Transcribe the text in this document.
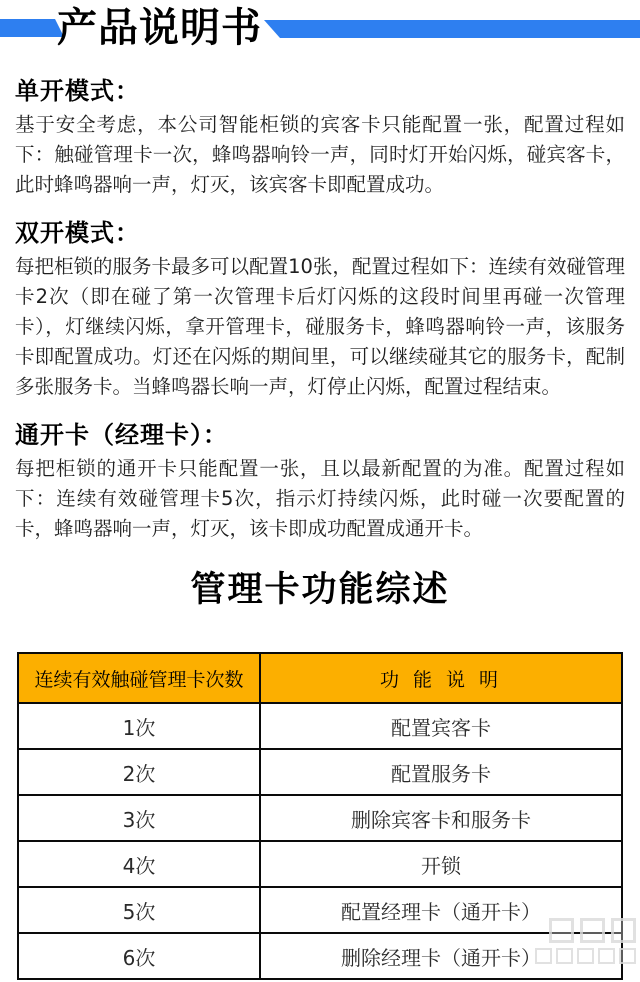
产品说明书
单开模式：

基于安全考虑，本公司智能柜锁的宾客卡只能配置一张，配置过程如下：触碰管理卡一次，蜂鸣器响铃一声，同时灯开始闪烁，碰宾客卡，此时蜂鸣器响一声，灯灭，该宾客卡即配置成功。

双开模式：

每把柜锁的服务卡最多可以配置10张，配置过程如下：连续有效碰管理卡2次（即在碰了第一次管理卡后灯闪烁的这段时间里再碰一次管理卡），灯继续闪烁，拿开管理卡，碰服务卡，蜂鸣器响铃一声，该服务卡即配置成功。灯还在闪烁的期间里，可以继续碰其它的服务卡，配制多张服务卡。当蜂鸣器长响一声，灯停止闪烁，配置过程结束。

通开卡（经理卡）：

每把柜锁的通开卡只能配置一张，且以最新配置的为准。配置过程如下：连续有效碰管理卡5次，指示灯持续闪烁，此时碰一次要配置的卡，蜂鸣器响一声，灯灭，该卡即成功配置成通开卡。

管理卡功能综述
连续有效触碰管理卡次数	功 能 说 明
1次	配置宾客卡
2次	配置服务卡
3次	删除宾客卡和服务卡
4次	开锁
5次	配置经理卡（通开卡）
6次	删除经理卡（通开卡）
